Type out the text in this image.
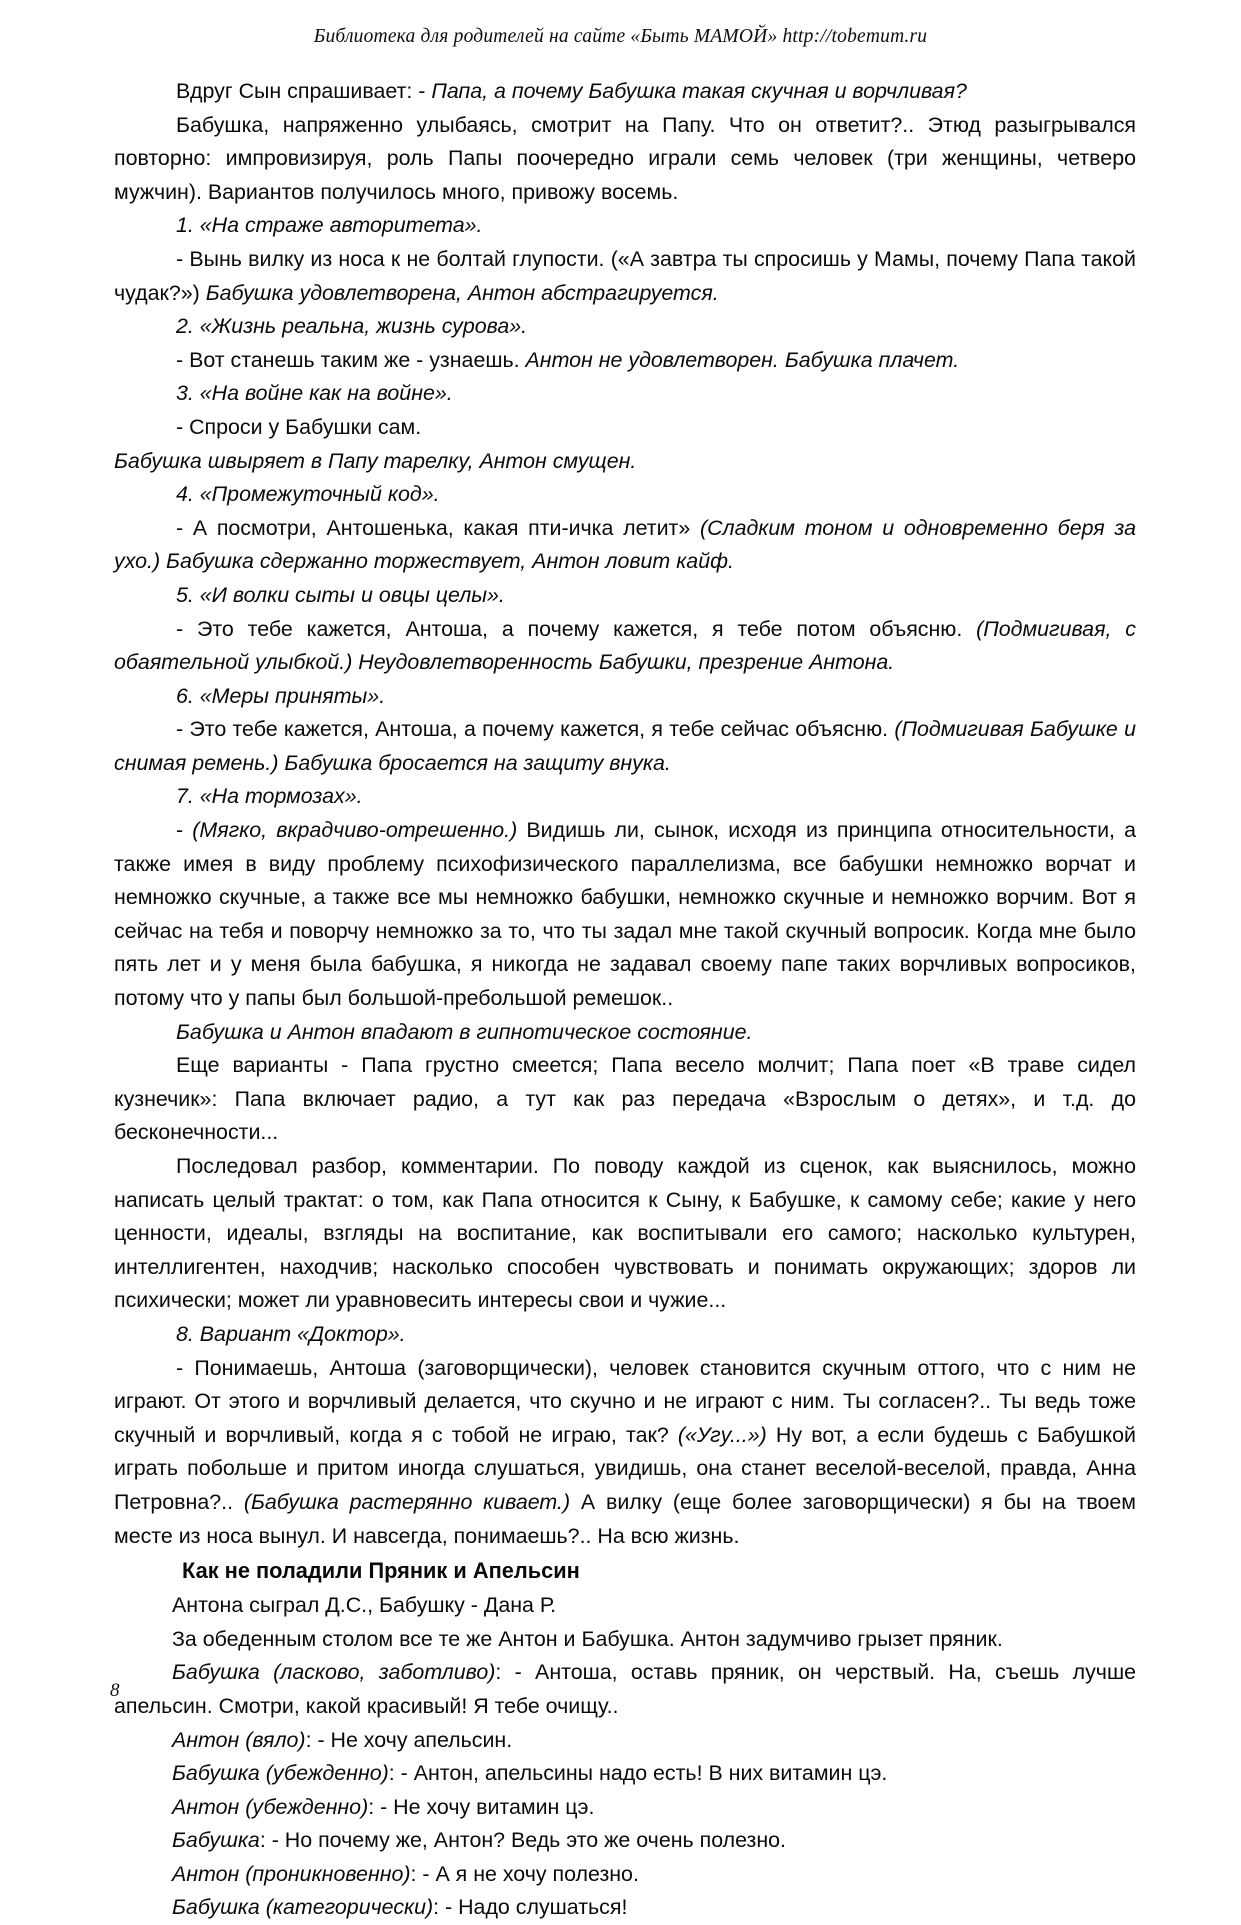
Библиотека для родителей на сайте «Быть МАМОЙ» http://tobemum.ru

Вдруг Сын спрашивает: - Папа, а почему Бабушка такая скучная и ворчливая?

Бабушка, напряженно улыбаясь, смотрит на Папу. Что он ответит?.. Этюд разыгрывался повторно: импровизируя, роль Папы поочередно играли семь человек (три женщины, четверо мужчин). Вариантов получилось много, привожу восемь.

1. «На страже авторитета».

- Вынь вилку из носа к не болтай глупости. («А завтра ты спросишь у Мамы, почему Папа такой чудак?») Бабушка удовлетворена, Антон абстрагируется.

2. «Жизнь реальна, жизнь сурова».

- Вот станешь таким же - узнаешь. Антон не удовлетворен. Бабушка плачет.

3. «На войне как на войне».

- Спроси у Бабушки сам.

Бабушка швыряет в Папу тарелку, Антон смущен.

4. «Промежуточный код».

- А посмотри, Антошенька, какая пти-ичка летит» (Сладким тоном и одновременно беря за ухо.) Бабушка сдержанно торжествует, Антон ловит кайф.

5. «И волки сыты и овцы целы».

- Это тебе кажется, Антоша, а почему кажется, я тебе потом объясню. (Подмигивая, с обаятельной улыбкой.) Неудовлетворенность Бабушки, презрение Антона.

6. «Меры приняты».

- Это тебе кажется, Антоша, а почему кажется, я тебе сейчас объясню. (Подмигивая Бабушке и снимая ремень.) Бабушка бросается на защиту внука.

7. «На тормозах».

- (Мягко, вкрадчиво-отрешенно.) Видишь ли, сынок, исходя из принципа относительности, а также имея в виду проблему психофизического параллелизма, все бабушки немножко ворчат и немножко скучные, а также все мы немножко бабушки, немножко скучные и немножко ворчим. Вот я сейчас на тебя и поворчу немножко за то, что ты задал мне такой скучный вопросик. Когда мне было пять лет и у меня была бабушка, я никогда не задавал своему папе таких ворчливых вопросиков, потому что у папы был большой-пребольшой ремешок..

Бабушка и Антон впадают в гипнотическое состояние.

Еще варианты - Папа грустно смеется; Папа весело молчит; Папа поет «В траве сидел кузнечик»: Папа включает радио, а тут как раз передача «Взрослым о детях», и т.д. до бесконечности...

Последовал разбор, комментарии. По поводу каждой из сценок, как выяснилось, можно написать целый трактат: о том, как Папа относится к Сыну, к Бабушке, к самому себе; какие у него ценности, идеалы, взгляды на воспитание, как воспитывали его самого; насколько культурен, интеллигентен, находчив; насколько способен чувствовать и понимать окружающих; здоров ли психически; может ли уравновесить интересы свои и чужие...

8. Вариант «Доктор».

- Понимаешь, Антоша (заговорщически), человек становится скучным оттого, что с ним не играют. От этого и ворчливый делается, что скучно и не играют с ним. Ты согласен?.. Ты ведь тоже скучный и ворчливый, когда я с тобой не играю, так? («Угу...») Ну вот, а если будешь с Бабушкой играть побольше и притом иногда слушаться, увидишь, она станет веселой-веселой, правда, Анна Петровна?.. (Бабушка растерянно кивает.) А вилку (еще более заговорщически) я бы на твоем месте из носа вынул. И навсегда, понимаешь?.. На всю жизнь.

Как не поладили Пряник и Апельсин

Антона сыграл Д.С., Бабушку - Дана Р.

За обеденным столом все те же Антон и Бабушка. Антон задумчиво грызет пряник.

Бабушка (ласково, заботливо): - Антоша, оставь пряник, он черствый. На, съешь лучше апельсин. Смотри, какой красивый! Я тебе очищу..

Антон (вяло): - Не хочу апельсин.

Бабушка (убежденно): - Антон, апельсины надо есть! В них витамин цэ.

Антон (убежденно): - Не хочу витамин цэ.

Бабушка: - Но почему же, Антон? Ведь это же очень полезно.

Антон (проникновенно): - А я не хочу полезно.

Бабушка (категорически): - Надо слушаться!

8
